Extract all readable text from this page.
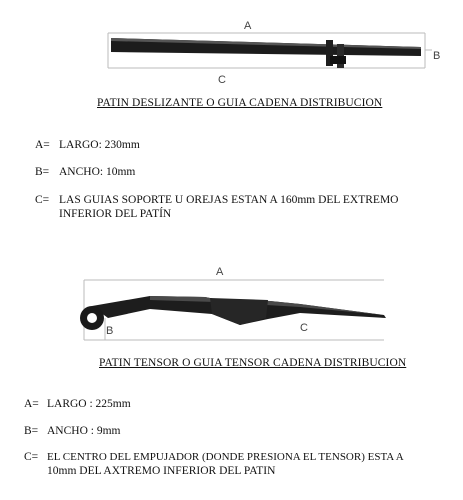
A
B
C
PATIN DESLIZANTE O GUIA CADENA DISTRIBUCION
A= LARGO: 230mm
B= ANCHO: 10mm
C= LAS GUIAS SOPORTE U OREJAS ESTAN A 160mm DEL EXTREMO
INFERIOR DEL PATÍN
A
B	C
PATIN TENSOR O GUIA TENSOR CADENA DISTRIBUCION
A= LARGO : 225mm
B= ANCHO : 9mm
C= EL CENTRO DEL EMPUJADOR (DONDE PRESIONA EL TENSOR) ESTA A
10mm DEL AXTREMO INFERIOR DEL PATIN
